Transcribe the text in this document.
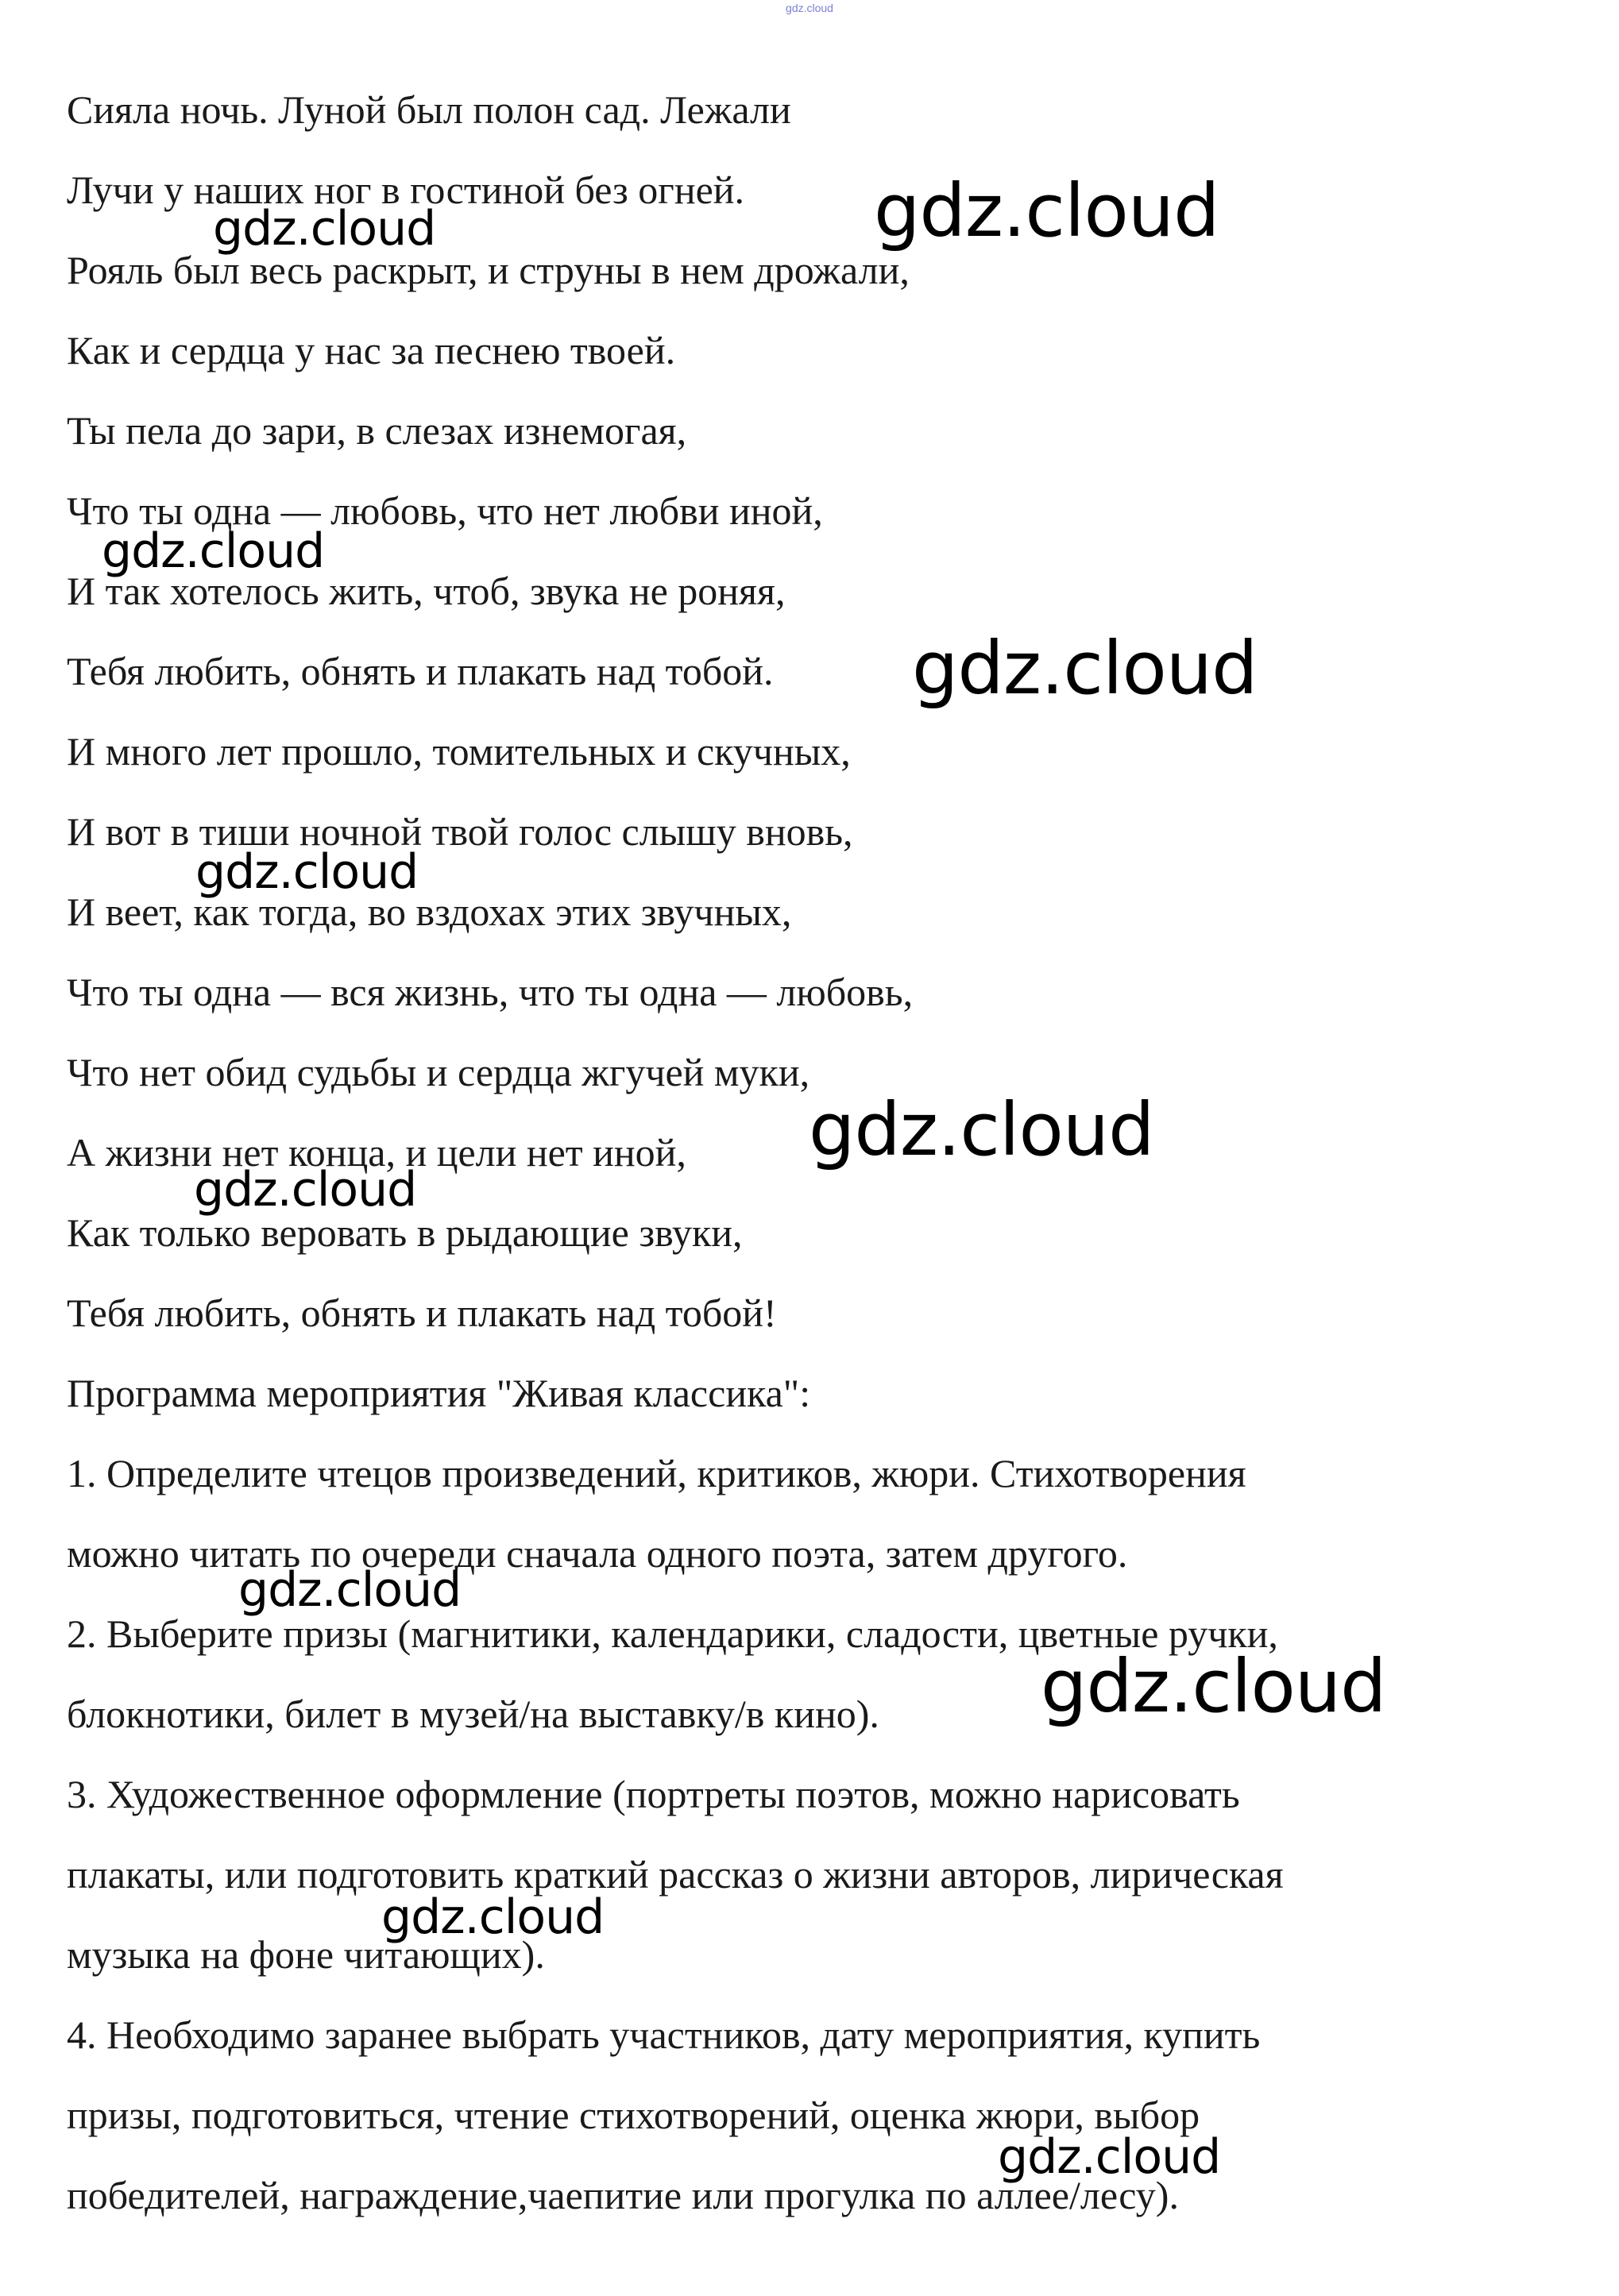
gdz.cloud
Сияла ночь. Луной был полон сад. Лежали
Лучи у наших ног в гостиной без огней.
Рояль был весь раскрыт, и струны в нем дрожали,
Как и сердца у нас за песнею твоей.
Ты пела до зари, в слезах изнемогая,
Что ты одна — любовь, что нет любви иной,
И так хотелось жить, чтоб, звука не роняя,
Тебя любить, обнять и плакать над тобой.
И много лет прошло, томительных и скучных,
И вот в тиши ночной твой голос слышу вновь,
И веет, как тогда, во вздохах этих звучных,
Что ты одна — вся жизнь, что ты одна — любовь,
Что нет обид судьбы и сердца жгучей муки,
А жизни нет конца, и цели нет иной,
Как только веровать в рыдающие звуки,
Тебя любить, обнять и плакать над тобой!
Программа мероприятия "Живая классика":
1. Определите чтецов произведений, критиков, жюри. Стихотворения
можно читать по очереди сначала одного поэта, затем другого.
2. Выберите призы (магнитики, календарики, сладости, цветные ручки,
блокнотики, билет в музей/на выставку/в кино).
3. Художественное оформление (портреты поэтов, можно нарисовать
плакаты, или подготовить краткий рассказ о жизни авторов, лирическая
музыка на фоне читающих).
4. Необходимо заранее выбрать участников, дату мероприятия, купить
призы, подготовиться, чтение стихотворений, оценка жюри, выбор
победителей, награждение,чаепитие или прогулка по аллее/лесу).
gdz.cloud	gdz.cloud
gdz.cloud
gdz.cloud
gdz.cloud
gdz.cloud
gdz.cloud
gdz.cloud
gdz.cloud
gdz.cloud
gdz.cloud
